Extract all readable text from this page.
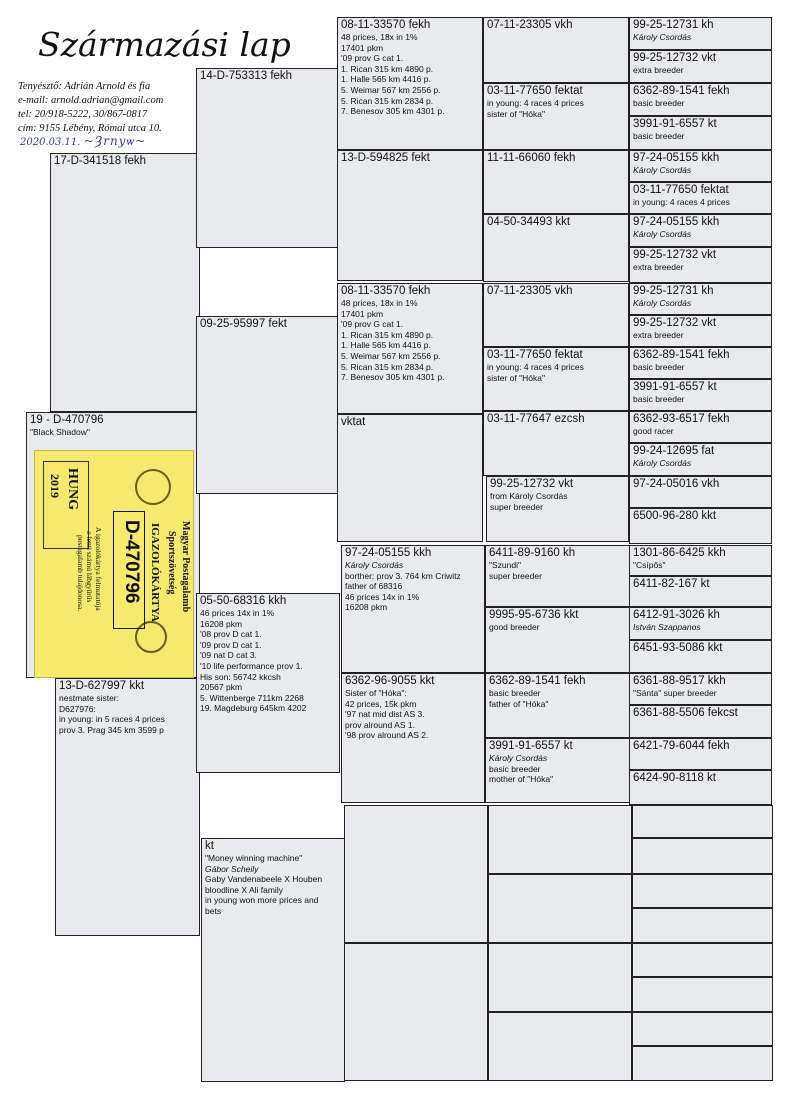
Származási lap
Tenyésztő: Adrián Arnold és fia
e-mail: arnold.adrian@gmail.com
tel: 20/918-5222, 30/867-0817
cím: 9155 Lébény, Római utca 10.
2020.03.11. ~Ȝrnyѡ~
17-D-341518 fekh
19 - D-470796
"Black Shadow"
13-D-627997 kkt
nestmate sister:
D627976:
in young: in 5 races 4 prices
prov 3. Prag 345 km 3599 p
HUNG
2019
Magyar Postagalamb
Sportszövetség
IGAZOLÓKÁRTYA
D-470796
A igazolókártya felmutatója
a fenti számú lábgyűrűs
postagalamb tulajdonosa.
14-D-753313 fekh
09-25-95997 fekt
05-50-68316 kkh
46 prices 14x in 1%
16208 pkm
'08 prov D cat 1.
'09 prov D cat 1.
'09 nat D cat 3.
'10 life performance prov 1.
His son: 56742 kkcsh
20567 pkm
5. Wittenberge 711km 2268
19. Magdeburg 645km 4202
kt
"Money winning machine"
Gábor Scheily
Gaby Vandenabeele X Houben
bloodline X Ali family
in young won more prices and
bets
08-11-33570 fekh
48 prices, 18x in 1%
17401 pkm
'09 prov G cat 1.
1. Rican 315 km 4890 p.
1. Halle 565 km 4416 p.
5. Weimar 567 km 2556 p.
5. Rican 315 km 2834 p.
7. Benesov 305 km 4301 p.
13-D-594825 fekt
08-11-33570 fekh
48 prices, 18x in 1%
17401 pkm
'09 prov G cat 1.
1. Rican 315 km 4890 p.
1. Halle 565 km 4416 p.
5. Weimar 567 km 2556 p.
5. Rican 315 km 2834 p.
7. Benesov 305 km 4301 p.
vktat
97-24-05155 kkh
Károly Csordás
borther: prov 3. 764 km Criwitz
father of 68316
46 prices 14x in 1%
16208 pkm
6362-96-9055 kkt
Sister of "Hóka":
42 prices, 15k pkm
'97 nat mid dist AS 3.
prov alround AS 1.
'98 prov alround AS 2.
07-11-23305 vkh
03-11-77650 fektat
in young: 4 races 4 prices
sister of "Hóka"
11-11-66060 fekh
04-50-34493 kkt
07-11-23305 vkh
03-11-77650 fektat
in young: 4 races 4 prices
sister of "Hóka"
03-11-77647 ezcsh
99-25-12732 vkt
from Károly Csordás
super breeder
6411-89-9160 kh
"Szundi"
super breeder
9995-95-6736 kkt
good breeder
6362-89-1541 fekh
basic breeder
father of "Hóka"
3991-91-6557 kt
Károly Csordás
basic breeder
mother of "Hóka"
99-25-12731 kh
Károly Csordás
99-25-12732 vkt
extra breeder
6362-89-1541 fekh
basic breeder
3991-91-6557 kt
basic breeder
97-24-05155 kkh
Károly Csordás
03-11-77650 fektat
in young: 4 races 4 prices
97-24-05155 kkh
Károly Csordás
99-25-12732 vkt
extra breeder
99-25-12731 kh
Károly Csordás
99-25-12732 vkt
extra breeder
6362-89-1541 fekh
basic breeder
3991-91-6557 kt
basic breeder
6362-93-6517 fekh
good racer
99-24-12695 fat
Károly Csordás
97-24-05016 vkh
6500-96-280 kkt
1301-86-6425 kkh
"Csípős"
6411-82-167 kt
6412-91-3026 kh
István Szappanos
6451-93-5086 kkt
6361-88-9517 kkh
"Sánta" super breeder
6361-88-5506 fekcst
6421-79-6044 fekh
6424-90-8118 kt
